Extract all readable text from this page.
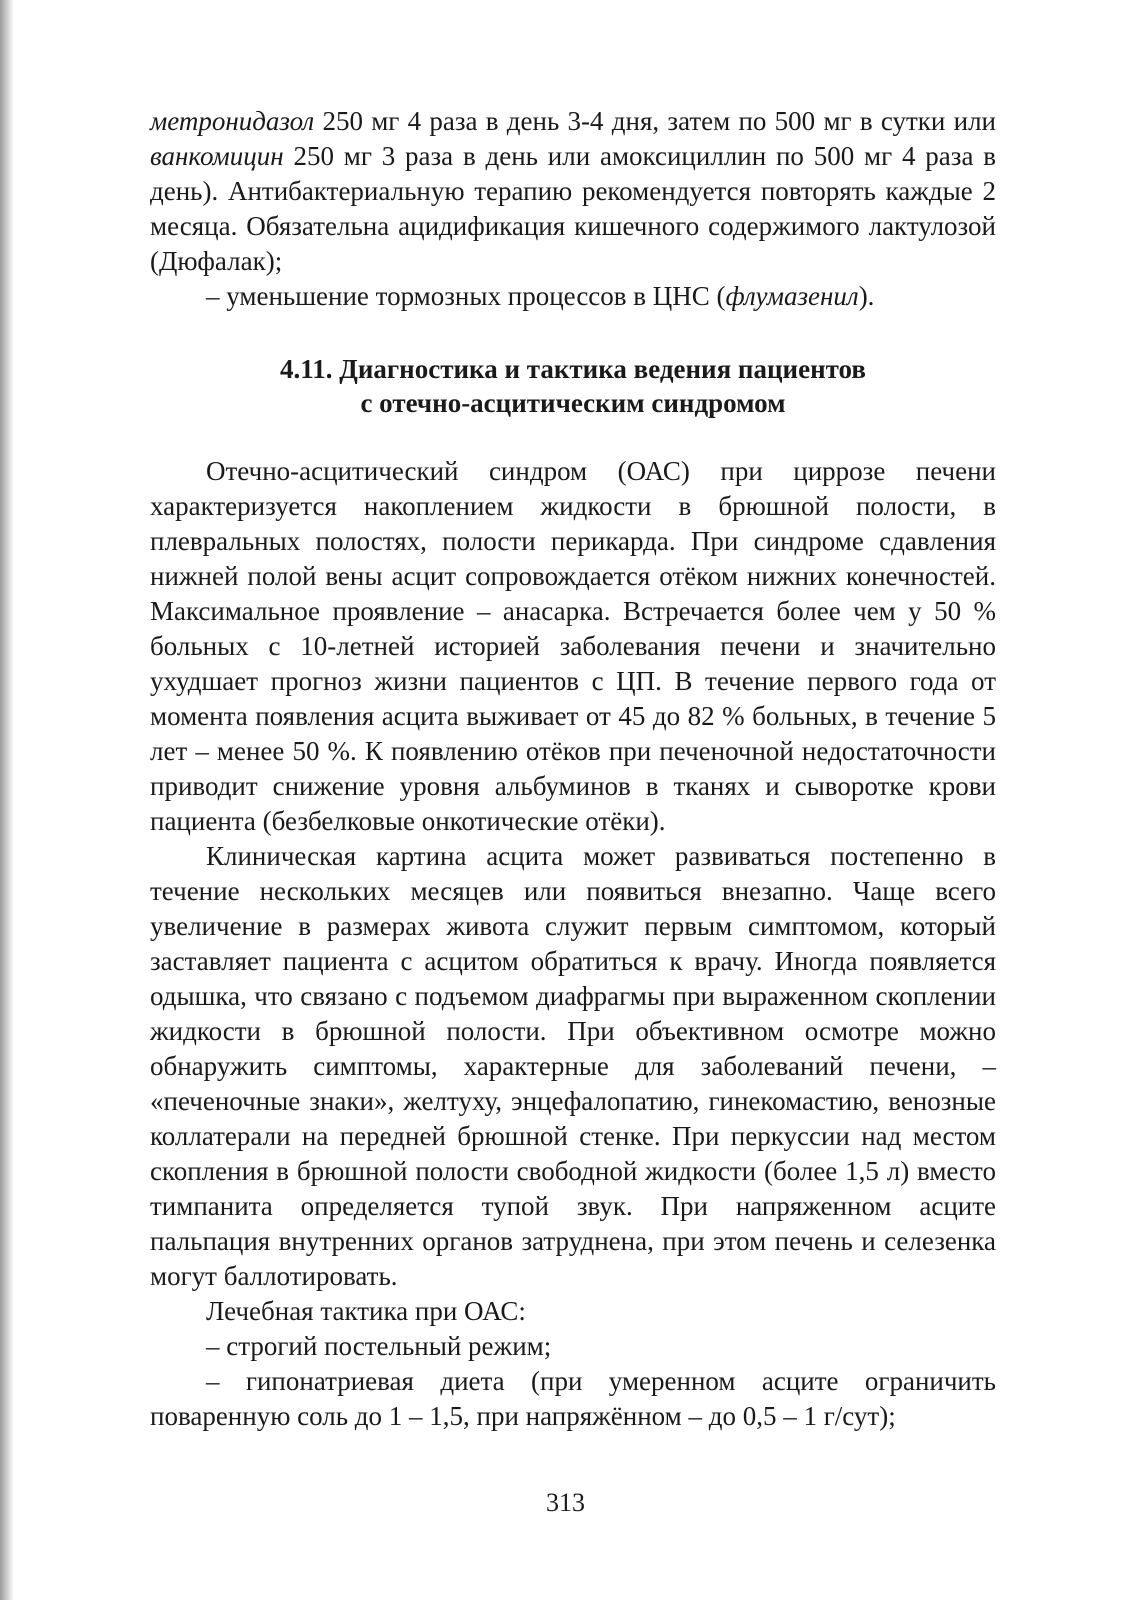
метронидазол 250 мг 4 раза в день 3-4 дня, затем по 500 мг в сутки или ванкомицин 250 мг 3 раза в день или амоксициллин по 500 мг 4 раза в день). Антибактериальную терапию рекомендуется повторять каждые 2 месяца. Обязательна ацидификация кишечного содержимого лактулозой (Дюфалак);

– уменьшение тормозных процессов в ЦНС (флумазенил).

4.11. Диагностика и тактика ведения пациентов
с отечно-асцитическим синдромом

Отечно-асцитический синдром (ОАС) при циррозе печени характеризуется накоплением жидкости в брюшной полости, в плевральных полостях, полости перикарда. При синдроме сдавления нижней полой вены асцит сопровождается отёком нижних конечностей. Максимальное проявление – анасарка. Встречается более чем у 50 % больных с 10-летней историей заболевания печени и значительно ухудшает прогноз жизни пациентов с ЦП. В течение первого года от момента появления асцита выживает от 45 до 82 % больных, в течение 5 лет – менее 50 %. К появлению отёков при печеночной недостаточности приводит снижение уровня альбуминов в тканях и сыворотке крови пациента (безбелковые онкотические отёки).

Клиническая картина асцита может развиваться постепенно в течение нескольких месяцев или появиться внезапно. Чаще всего увеличение в размерах живота служит первым симптомом, который заставляет пациента с асцитом обратиться к врачу. Иногда появляется одышка, что связано с подъемом диафрагмы при выраженном скоплении жидкости в брюшной полости. При объективном осмотре можно обнаружить симптомы, характерные для заболеваний печени, – «печеночные знаки», желтуху, энцефалопатию, гинекомастию, венозные коллатерали на передней брюшной стенке. При перкуссии над местом скопления в брюшной полости свободной жидкости (более 1,5 л) вместо тимпанита определяется тупой звук. При напряженном асците пальпация внутренних органов затруднена, при этом печень и селезенка могут баллотировать.

Лечебная тактика при ОАС:

– строгий постельный режим;

– гипонатриевая диета (при умеренном асците ограничить поваренную соль до 1 – 1,5, при напряжённом – до 0,5 – 1 г/сут);

313
